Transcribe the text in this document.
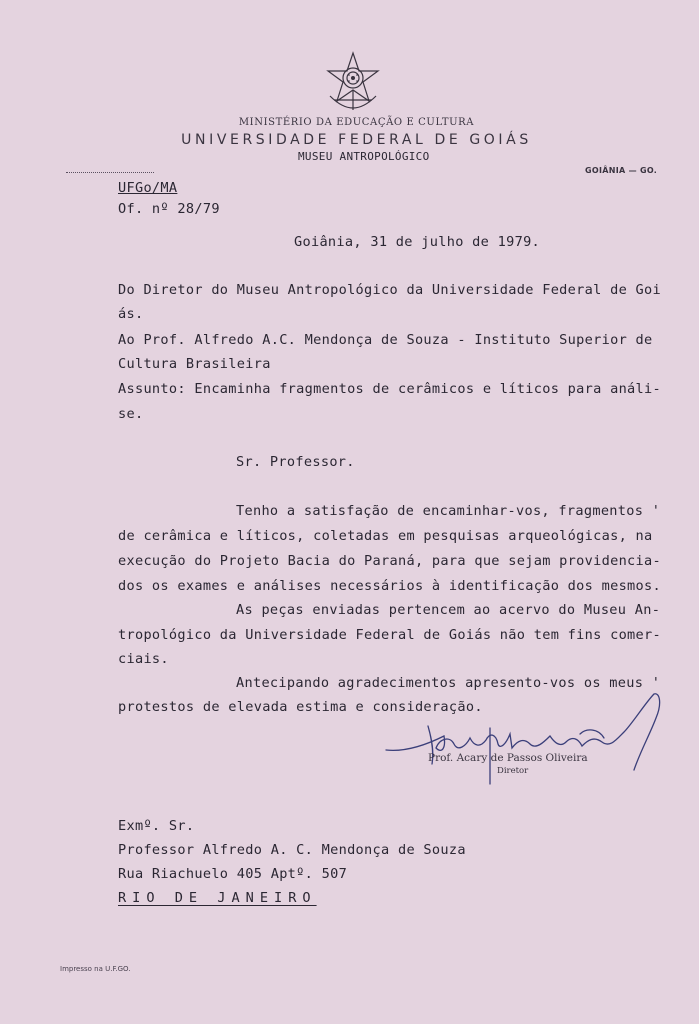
MINISTÉRIO DA EDUCAÇÃO E CULTURA
UNIVERSIDADE FEDERAL DE GOIÁS
MUSEU ANTROPOLÓGICO
GOIÂNIA — GO.
UFGo/MA
Of. nº 28/79
Goiânia, 31 de julho de 1979.
Do Diretor do Museu Antropológico da Universidade Federal de Goi
ás.
Ao Prof. Alfredo A.C. Mendonça de Souza - Instituto Superior de
Cultura Brasileira
Assunto: Encaminha fragmentos de cerâmicos e líticos para análi-
se.
Sr. Professor.
Tenho a satisfação de encaminhar-vos, fragmentos '
de cerâmica e líticos, coletadas em pesquisas arqueológicas, na
execução do Projeto Bacia do Paraná, para que sejam providencia-
dos os exames e análises necessários à identificação dos mesmos.
As peças enviadas pertencem ao acervo do Museu An-
tropológico da Universidade Federal de Goiás não tem fins comer-
ciais.
Antecipando agradecimentos apresento-vos os meus '
protestos de elevada estima e consideração.
Prof. Acary de Passos Oliveira
Diretor
Exmº. Sr.
Professor Alfredo A. C. Mendonça de Souza
Rua Riachuelo 405 Aptº. 507
RIO DE JANEIRO
Impresso na U.F.GO.
